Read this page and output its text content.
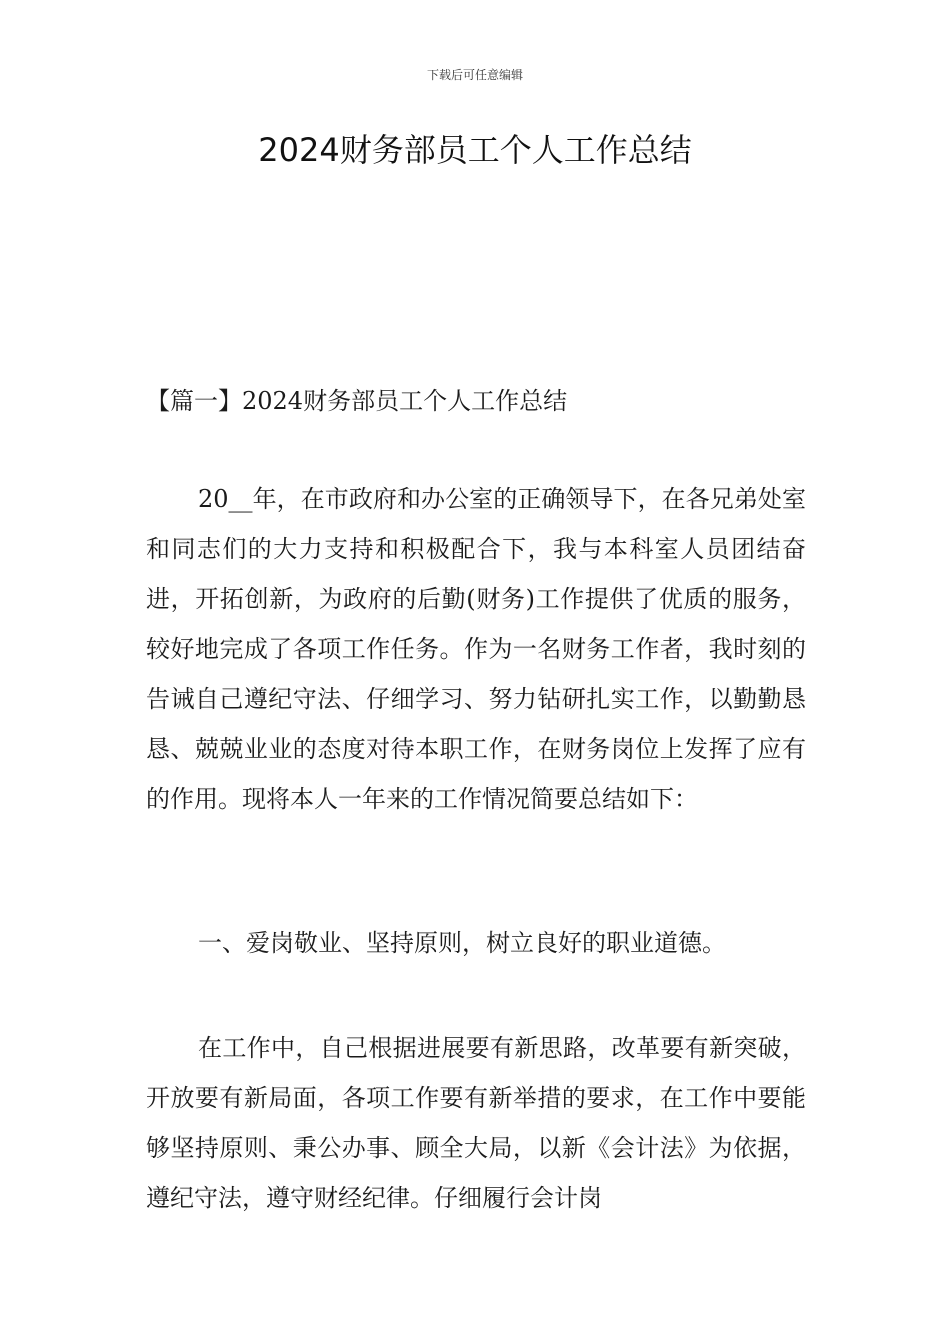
下载后可任意编辑
2024财务部员工个人工作总结

【篇一】2024财务部员工个人工作总结

20__年，在市政府和办公室的正确领导下，在各兄弟处室和同志们的大力支持和积极配合下，我与本科室人员团结奋进，开拓创新，为政府的后勤(财务)工作提供了优质的服务，较好地完成了各项工作任务。作为一名财务工作者，我时刻的告诫自己遵纪守法、仔细学习、努力钻研扎实工作，以勤勤恳恳、兢兢业业的态度对待本职工作，在财务岗位上发挥了应有的作用。现将本人一年来的工作情况简要总结如下：

一、爱岗敬业、坚持原则，树立良好的职业道德。

在工作中，自己根据进展要有新思路，改革要有新突破，开放要有新局面，各项工作要有新举措的要求，在工作中要能够坚持原则、秉公办事、顾全大局，以新《会计法》为依据，遵纪守法，遵守财经纪律。仔细履行会计岗
